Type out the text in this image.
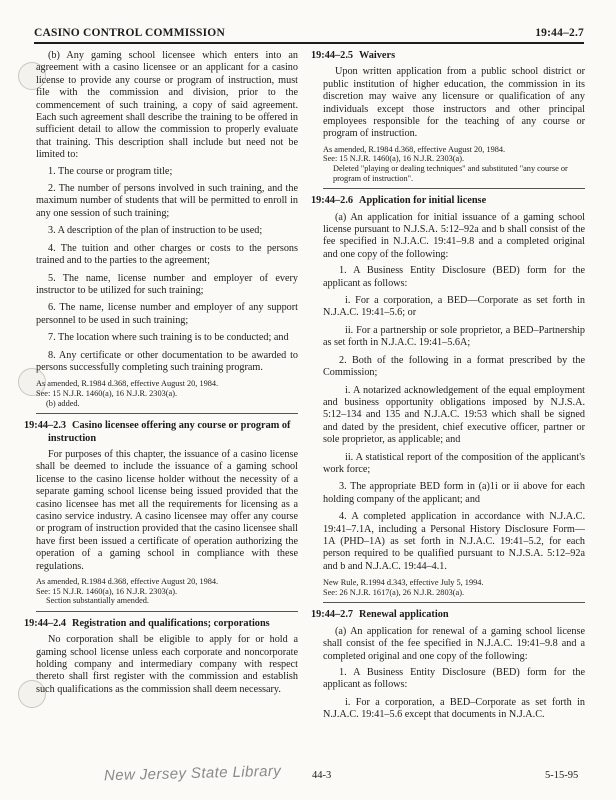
CASINO CONTROL COMMISSION	19:44–2.7

(b) Any gaming school licensee which enters into an agreement with a casino licensee or an applicant for a casino license to provide any course or program of instruction, must file with the commission and division, prior to the commencement of such training, a copy of said agreement. Each such agreement shall describe the training to be offered in sufficient detail to allow the commission to properly evaluate that training. This description shall include but need not be limited to:

1. The course or program title;

2. The number of persons involved in such training, and the maximum number of students that will be permitted to enroll in any one session of such training;

3. A description of the plan of instruction to be used;

4. The tuition and other charges or costs to the persons trained and to the parties to the agreement;

5. The name, license number and employer of every instructor to be utilized for such training;

6. The name, license number and employer of any support personnel to be used in such training;

7. The location where such training is to be conducted; and

8. Any certificate or other documentation to be awarded to persons successfully completing such training program.

As amended, R.1984 d.368, effective August 20, 1984.
See: 15 N.J.R. 1460(a), 16 N.J.R. 2303(a).
(b) added.
19:44–2.3 Casino licensee offering any course or program of instruction

For purposes of this chapter, the issuance of a casino license shall be deemed to include the issuance of a gaming school license to the casino license holder without the necessity of a separate gaming school license being issued provided that the casino licensee has met all the requirements for licensing as a casino service industry. A casino licensee may offer any course or program of instruction provided that the casino licensee shall have first been issued a certificate of operation authorizing the operation of a gaming school in compliance with these regulations.

As amended, R.1984 d.368, effective August 20, 1984.
See: 15 N.J.R. 1460(a), 16 N.J.R. 2303(a).
Section substantially amended.
19:44–2.4 Registration and qualifications; corporations

No corporation shall be eligible to apply for or hold a gaming school license unless each corporate and noncorporate holding company and intermediary company with respect thereto shall first register with the commission and establish such qualifications as the commission shall deem necessary.

19:44–2.5 Waivers

Upon written application from a public school district or public institution of higher education, the commission in its discretion may waive any licensure or qualification of any individuals except those instructors and other principal employees responsible for the teaching of any course or program of instruction.

As amended, R.1984 d.368, effective August 20, 1984.
See: 15 N.J.R. 1460(a), 16 N.J.R. 2303(a).
Deleted "playing or dealing techniques" and substituted "any course or program of instruction".
19:44–2.6 Application for initial license

(a) An application for initial issuance of a gaming school license pursuant to N.J.S.A. 5:12–92a and b shall consist of the fee specified in N.J.A.C. 19:41–9.8 and a completed original and one copy of the following:

1. A Business Entity Disclosure (BED) form for the applicant as follows:

i. For a corporation, a BED—Corporate as set forth in N.J.A.C. 19:41–5.6; or

ii. For a partnership or sole proprietor, a BED–Partnership as set forth in N.J.A.C. 19:41–5.6A;

2. Both of the following in a format prescribed by the Commission;

i. A notarized acknowledgement of the equal employment and business opportunity obligations imposed by N.J.S.A. 5:12–134 and 135 and N.J.A.C. 19:53 which shall be signed and dated by the president, chief executive officer, partner or sole proprietor, as applicable; and

ii. A statistical report of the composition of the applicant's work force;

3. The appropriate BED form in (a)1i or ii above for each holding company of the applicant; and

4. A completed application in accordance with N.J.A.C. 19:41–7.1A, including a Personal History Disclosure Form—1A (PHD–1A) as set forth in N.J.A.C. 19:41–5.2, for each person required to be qualified pursuant to N.J.S.A. 5:12–92a and b and N.J.A.C. 19:44–4.1.

New Rule, R.1994 d.343, effective July 5, 1994.
See: 26 N.J.R. 1617(a), 26 N.J.R. 2803(a).
19:44–2.7 Renewal application

(a) An application for renewal of a gaming school license shall consist of the fee specified in N.J.A.C. 19:41–9.8 and a completed original and one copy of the following:

1. A Business Entity Disclosure (BED) form for the applicant as follows:

i. For a corporation, a BED–Corporate as set forth in N.J.A.C. 19:41–5.6 except that documents in N.J.A.C.

New Jersey State Library	44-3	5-15-95
